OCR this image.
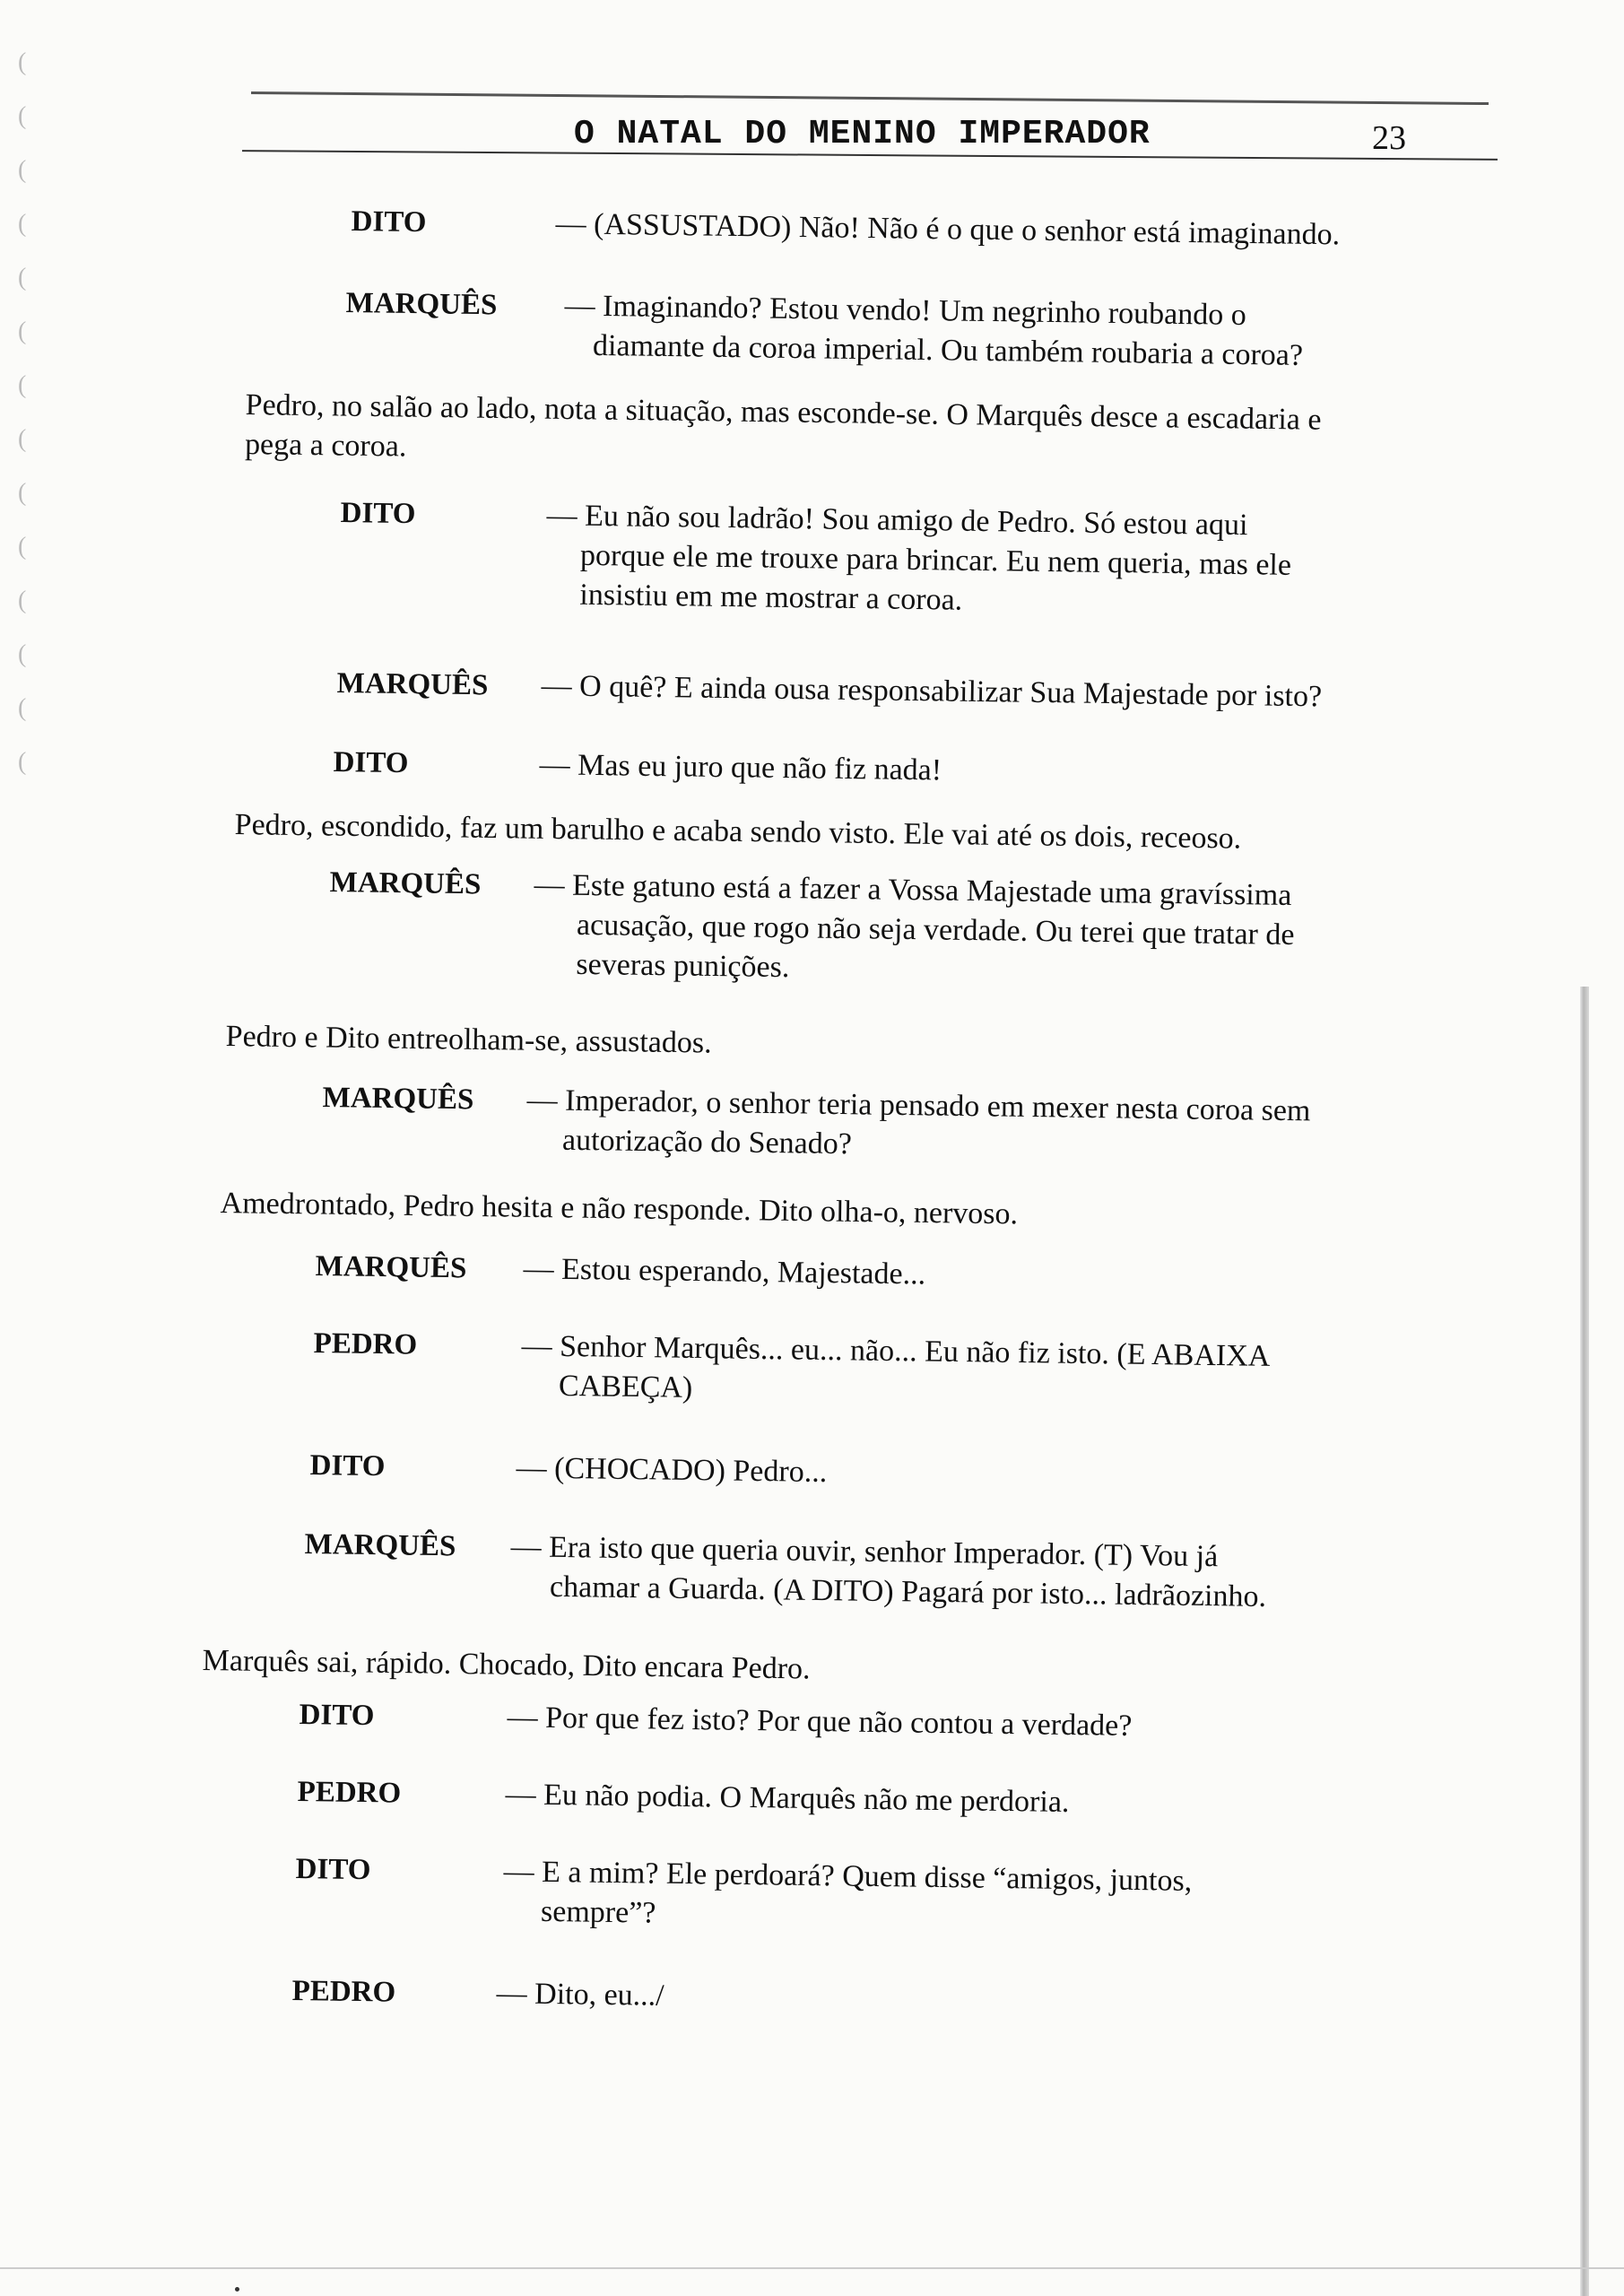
(
(
(
(
(
(
(
(
(
(
(
(
(
(
O NATAL DO MENINO IMPERADOR	23
DITO	— (ASSUSTADO) Não! Não é o que o senhor está imaginando.
MARQUÊS — Imaginando? Estou vendo! Um negrinho roubando o
diamante da coroa imperial. Ou também roubaria a coroa?
Pedro, no salão ao lado, nota a situação, mas esconde-se. O Marquês desce a escadaria e
pega a coroa.
DITO	— Eu não sou ladrão! Sou amigo de Pedro. Só estou aqui
porque ele me trouxe para brincar. Eu nem queria, mas ele
insistiu em me mostrar a coroa.
MARQUÊS — O quê? E ainda ousa responsabilizar Sua Majestade por isto?
DITO	— Mas eu juro que não fiz nada!
Pedro, escondido, faz um barulho e acaba sendo visto. Ele vai até os dois, receoso.
MARQUÊS — Este gatuno está a fazer a Vossa Majestade uma gravíssima
acusação, que rogo não seja verdade. Ou terei que tratar de
severas punições.
Pedro e Dito entreolham-se, assustados.
MARQUÊS — Imperador, o senhor teria pensado em mexer nesta coroa sem
autorização do Senado?
Amedrontado, Pedro hesita e não responde. Dito olha-o, nervoso.
MARQUÊS — Estou esperando, Majestade...
PEDRO	— Senhor Marquês... eu... não... Eu não fiz isto. (E ABAIXA
CABEÇA)
DITO	— (CHOCADO) Pedro...
MARQUÊS — Era isto que queria ouvir, senhor Imperador. (T) Vou já
chamar a Guarda. (A DITO) Pagará por isto... ladrãozinho.
Marquês sai, rápido. Chocado, Dito encara Pedro.
DITO	— Por que fez isto? Por que não contou a verdade?
PEDRO	— Eu não podia. O Marquês não me perdoria.
DITO	— E a mim? Ele perdoará? Quem disse “amigos, juntos,
sempre”?
PEDRO	— Dito, eu.../
